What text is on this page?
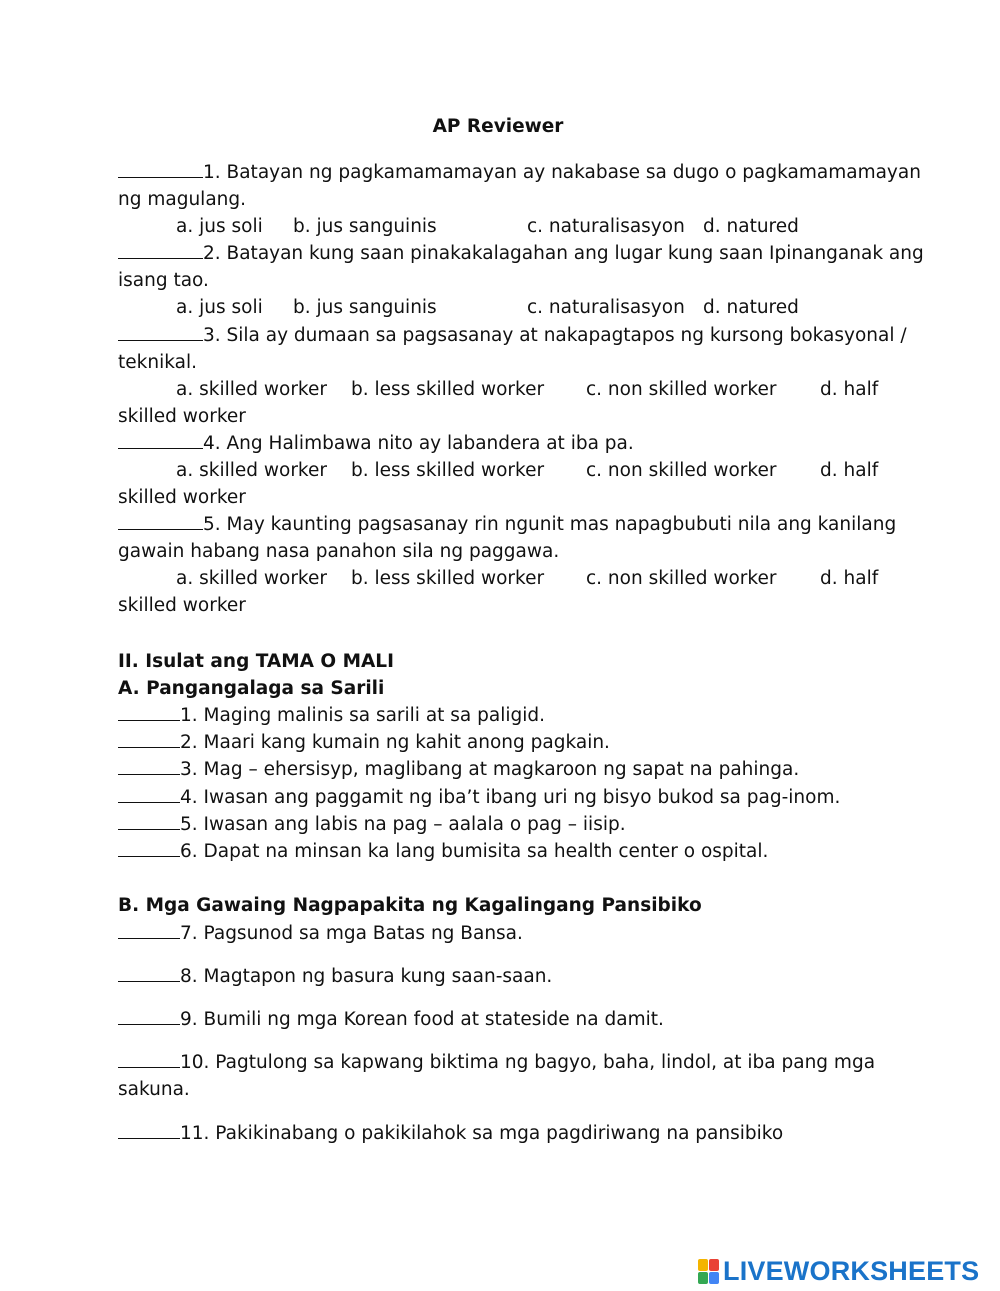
AP Reviewer
1. Batayan ng pagkamamamayan ay nakabase sa dugo o pagkamamamayan
ng magulang.
a. jus soli b. jus sanguinis	c. naturalisasyon d. natured
2. Batayan kung saan pinakakalagahan ang lugar kung saan Ipinanganak ang
isang tao.
a. jus soli b. jus sanguinis	c. naturalisasyon d. natured
3. Sila ay dumaan sa pagsasanay at nakapagtapos ng kursong bokasyonal /
teknikal.
a. skilled worker b. less skilled worker c. non skilled worker d. half
skilled worker
4. Ang Halimbawa nito ay labandera at iba pa.
a. skilled worker b. less skilled worker c. non skilled worker d. half
skilled worker
5. May kaunting pagsasanay rin ngunit mas napagbubuti nila ang kanilang
gawain habang nasa panahon sila ng paggawa.
a. skilled worker b. less skilled worker c. non skilled worker d. half
skilled worker
II. Isulat ang TAMA O MALI
A. Pangangalaga sa Sarili
1. Maging malinis sa sarili at sa paligid.
2. Maari kang kumain ng kahit anong pagkain.
3. Mag – ehersisyp, maglibang at magkaroon ng sapat na pahinga.
4. Iwasan ang paggamit ng iba’t ibang uri ng bisyo bukod sa pag-inom.
5. Iwasan ang labis na pag – aalala o pag – iisip.
6. Dapat na minsan ka lang bumisita sa health center o ospital.
B. Mga Gawaing Nagpapakita ng Kagalingang Pansibiko
7. Pagsunod sa mga Batas ng Bansa.
8. Magtapon ng basura kung saan-saan.
9. Bumili ng mga Korean food at stateside na damit.
10. Pagtulong sa kapwang biktima ng bagyo, baha, lindol, at iba pang mga
sakuna.
11. Pakikinabang o pakikilahok sa mga pagdiriwang na pansibiko
LIVEWORKSHEETS
